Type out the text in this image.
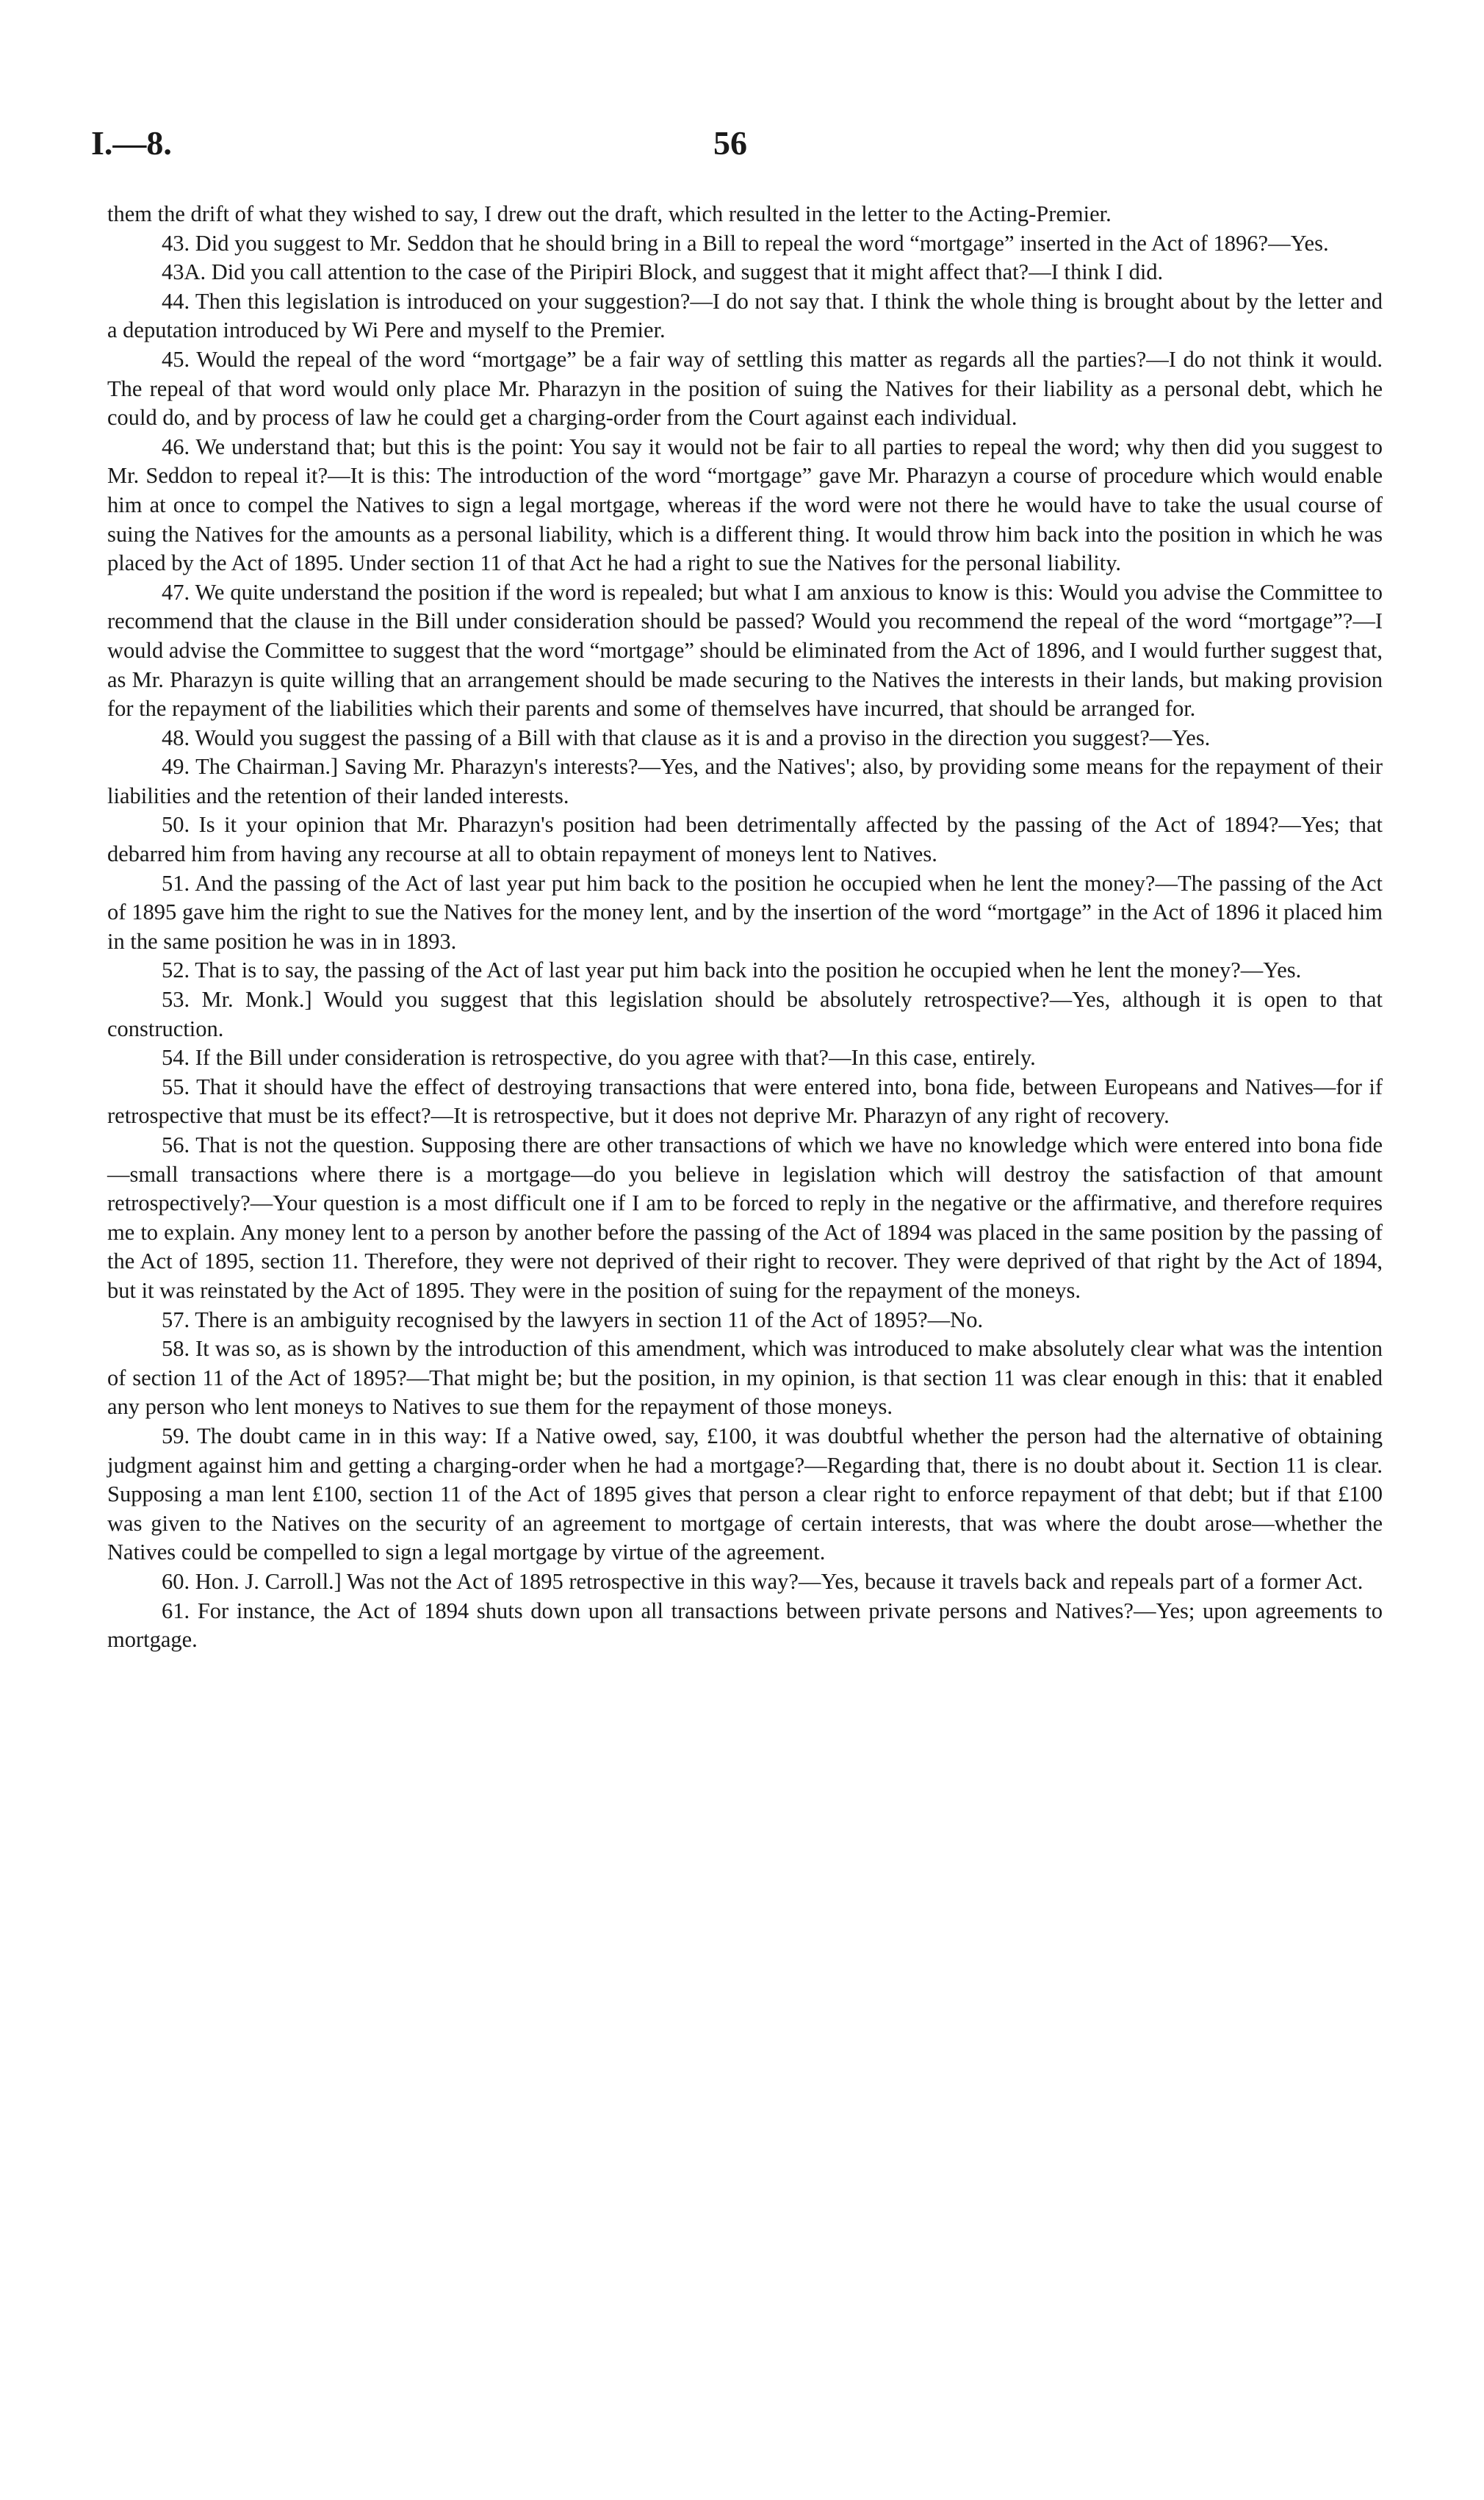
I.—8.	56

them the drift of what they wished to say, I drew out the draft, which resulted in the letter to the Acting-Premier.

43. Did you suggest to Mr. Seddon that he should bring in a Bill to repeal the word “mortgage” inserted in the Act of 1896?—Yes.

43A. Did you call attention to the case of the Piripiri Block, and suggest that it might affect that?—I think I did.

44. Then this legislation is introduced on your suggestion?—I do not say that. I think the whole thing is brought about by the letter and a deputation introduced by Wi Pere and myself to the Premier.

45. Would the repeal of the word “mortgage” be a fair way of settling this matter as regards all the parties?—I do not think it would. The repeal of that word would only place Mr. Pharazyn in the position of suing the Natives for their liability as a personal debt, which he could do, and by process of law he could get a charging-order from the Court against each individual.

46. We understand that; but this is the point: You say it would not be fair to all parties to repeal the word; why then did you suggest to Mr. Seddon to repeal it?—It is this: The introduction of the word “mortgage” gave Mr. Pharazyn a course of procedure which would enable him at once to compel the Natives to sign a legal mortgage, whereas if the word were not there he would have to take the usual course of suing the Natives for the amounts as a personal liability, which is a different thing. It would throw him back into the position in which he was placed by the Act of 1895. Under section 11 of that Act he had a right to sue the Natives for the personal liability.

47. We quite understand the position if the word is repealed; but what I am anxious to know is this: Would you advise the Committee to recommend that the clause in the Bill under consideration should be passed? Would you recommend the repeal of the word “mortgage”?—I would advise the Committee to suggest that the word “mortgage” should be eliminated from the Act of 1896, and I would further suggest that, as Mr. Pharazyn is quite willing that an arrangement should be made securing to the Natives the interests in their lands, but making provision for the repayment of the liabilities which their parents and some of themselves have incurred, that should be arranged for.

48. Would you suggest the passing of a Bill with that clause as it is and a proviso in the direction you suggest?—Yes.

49. The Chairman.] Saving Mr. Pharazyn's interests?—Yes, and the Natives'; also, by providing some means for the repayment of their liabilities and the retention of their landed interests.

50. Is it your opinion that Mr. Pharazyn's position had been detrimentally affected by the passing of the Act of 1894?—Yes; that debarred him from having any recourse at all to obtain repayment of moneys lent to Natives.

51. And the passing of the Act of last year put him back to the position he occupied when he lent the money?—The passing of the Act of 1895 gave him the right to sue the Natives for the money lent, and by the insertion of the word “mortgage” in the Act of 1896 it placed him in the same position he was in in 1893.

52. That is to say, the passing of the Act of last year put him back into the position he occupied when he lent the money?—Yes.

53. Mr. Monk.] Would you suggest that this legislation should be absolutely retrospective?—Yes, although it is open to that construction.

54. If the Bill under consideration is retrospective, do you agree with that?—In this case, entirely.

55. That it should have the effect of destroying transactions that were entered into, bona fide, between Europeans and Natives—for if retrospective that must be its effect?—It is retrospective, but it does not deprive Mr. Pharazyn of any right of recovery.

56. That is not the question. Supposing there are other transactions of which we have no knowledge which were entered into bona fide—small transactions where there is a mortgage—do you believe in legislation which will destroy the satisfaction of that amount retrospectively?—Your question is a most difficult one if I am to be forced to reply in the negative or the affirmative, and therefore requires me to explain. Any money lent to a person by another before the passing of the Act of 1894 was placed in the same position by the passing of the Act of 1895, section 11. Therefore, they were not deprived of their right to recover. They were deprived of that right by the Act of 1894, but it was reinstated by the Act of 1895. They were in the position of suing for the repayment of the moneys.

57. There is an ambiguity recognised by the lawyers in section 11 of the Act of 1895?—No.

58. It was so, as is shown by the introduction of this amendment, which was introduced to make absolutely clear what was the intention of section 11 of the Act of 1895?—That might be; but the position, in my opinion, is that section 11 was clear enough in this: that it enabled any person who lent moneys to Natives to sue them for the repayment of those moneys.

59. The doubt came in in this way: If a Native owed, say, £100, it was doubtful whether the person had the alternative of obtaining judgment against him and getting a charging-order when he had a mortgage?—Regarding that, there is no doubt about it. Section 11 is clear. Supposing a man lent £100, section 11 of the Act of 1895 gives that person a clear right to enforce repayment of that debt; but if that £100 was given to the Natives on the security of an agreement to mortgage of certain interests, that was where the doubt arose—whether the Natives could be compelled to sign a legal mortgage by virtue of the agreement.

60. Hon. J. Carroll.] Was not the Act of 1895 retrospective in this way?—Yes, because it travels back and repeals part of a former Act.

61. For instance, the Act of 1894 shuts down upon all transactions between private persons and Natives?—Yes; upon agreements to mortgage.
